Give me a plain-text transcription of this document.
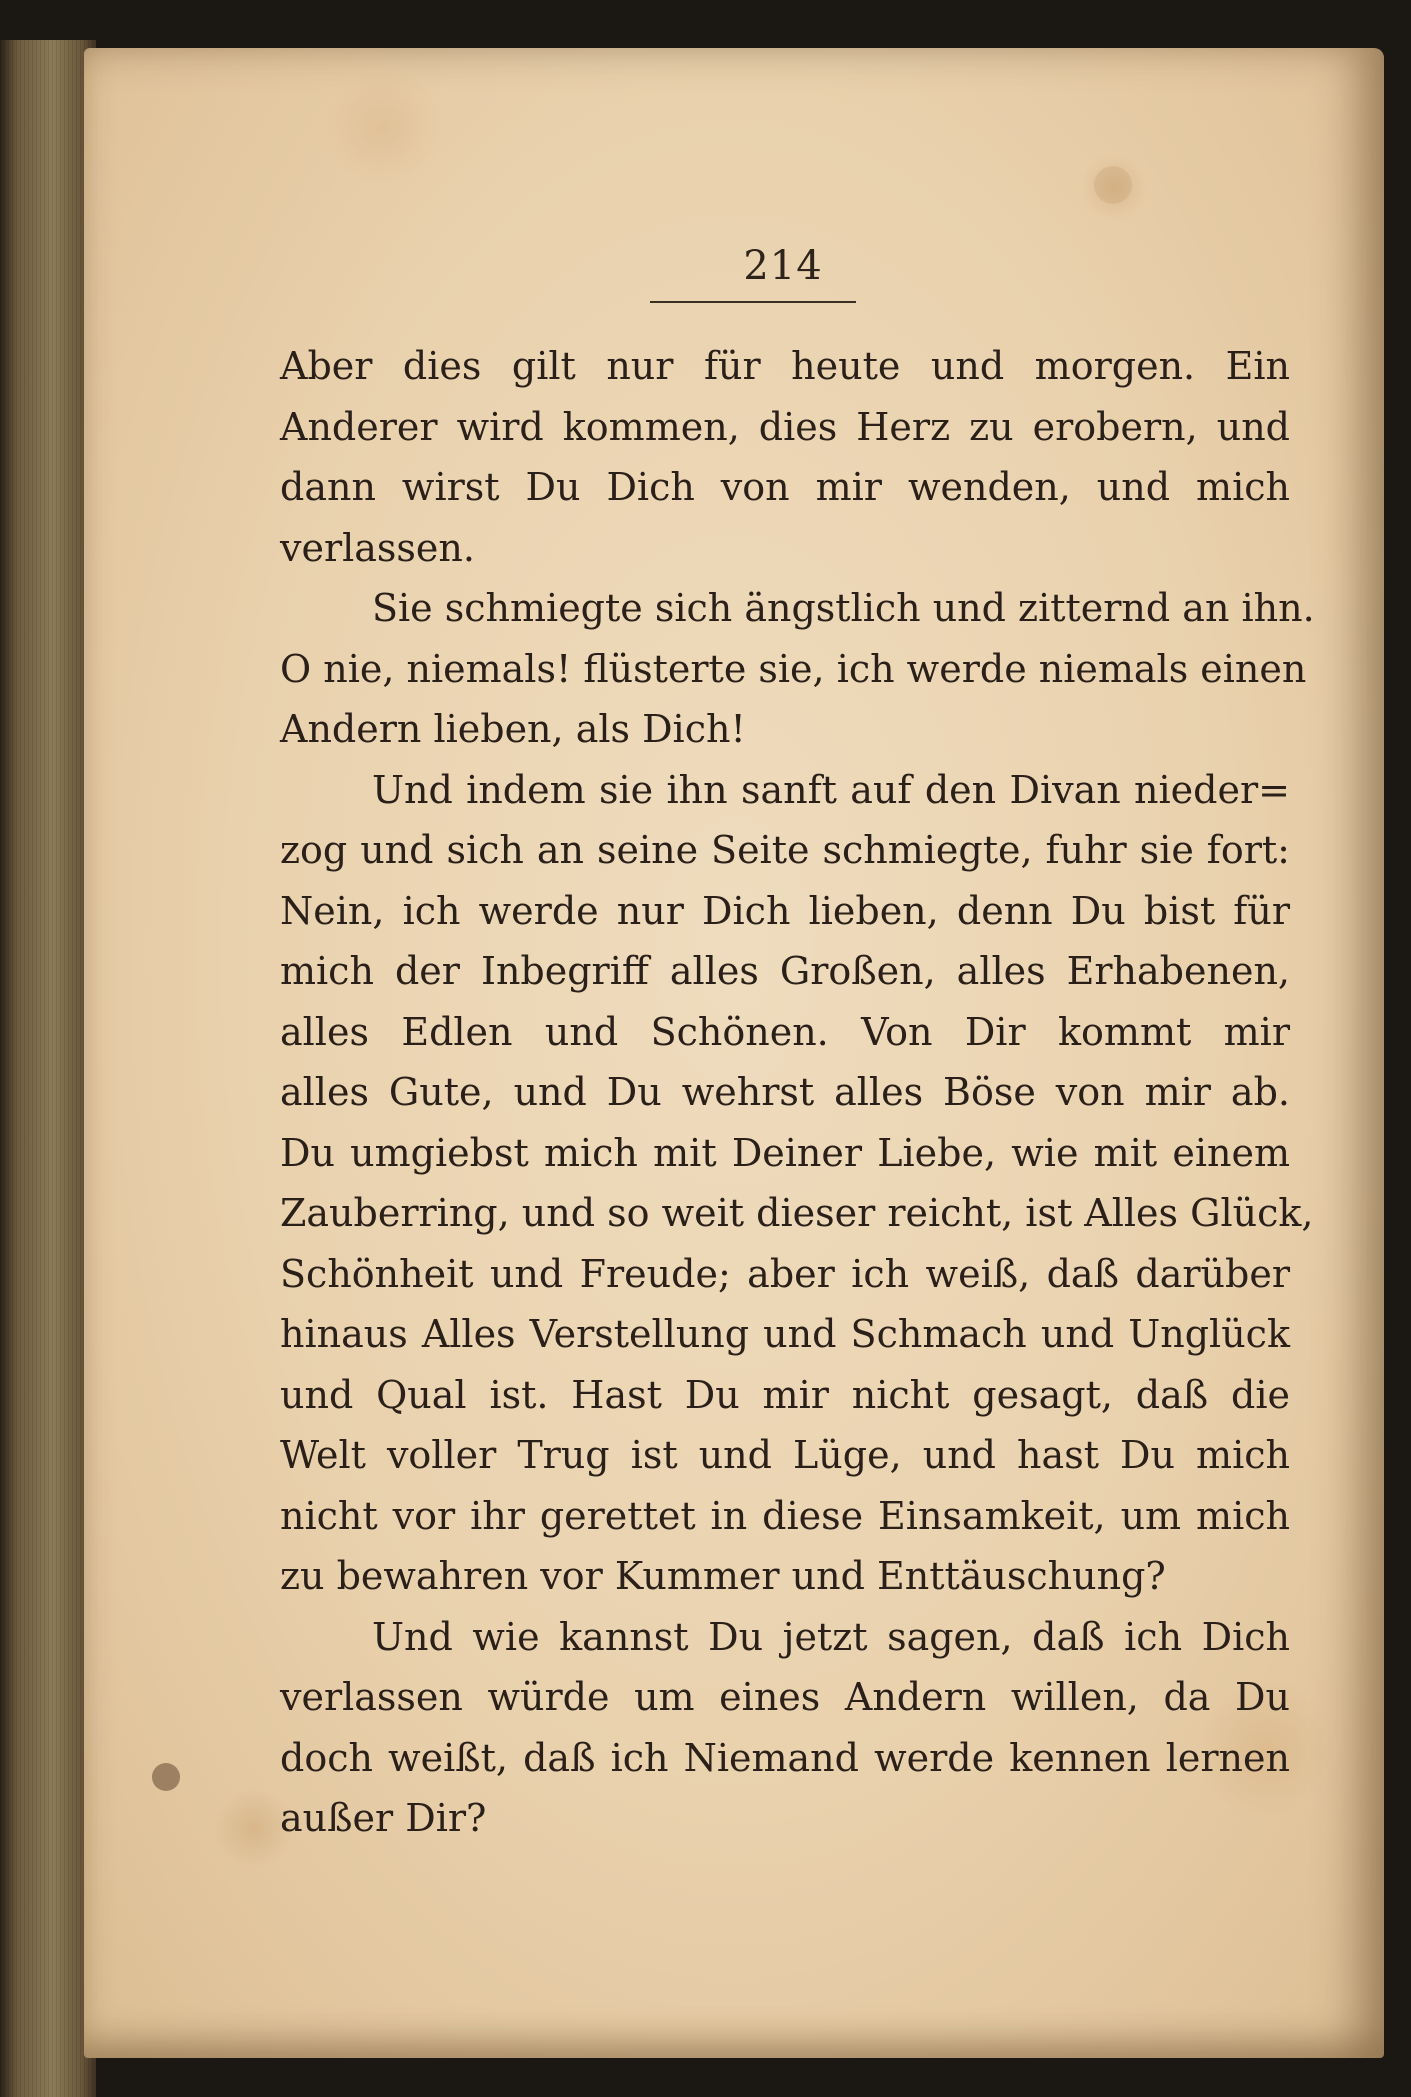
214

Aber dies gilt nur für heute und morgen. Ein
Anderer wird kommen, dies Herz zu erobern, und
dann wirst Du Dich von mir wenden, und mich
verlassen.

Sie schmiegte sich ängstlich und zitternd an ihn.
O nie, niemals! flüsterte sie, ich werde niemals einen
Andern lieben, als Dich!

Und indem sie ihn sanft auf den Divan nieder=
zog und sich an seine Seite schmiegte, fuhr sie fort:
Nein, ich werde nur Dich lieben, denn Du bist für
mich der Inbegriff alles Großen, alles Erhabenen,
alles Edlen und Schönen. Von Dir kommt mir
alles Gute, und Du wehrst alles Böse von mir ab.
Du umgiebst mich mit Deiner Liebe, wie mit einem
Zauberring, und so weit dieser reicht, ist Alles Glück,
Schönheit und Freude; aber ich weiß, daß darüber
hinaus Alles Verstellung und Schmach und Unglück
und Qual ist. Hast Du mir nicht gesagt, daß die
Welt voller Trug ist und Lüge, und hast Du mich
nicht vor ihr gerettet in diese Einsamkeit, um mich
zu bewahren vor Kummer und Enttäuschung?

Und wie kannst Du jetzt sagen, daß ich Dich
verlassen würde um eines Andern willen, da Du
doch weißt, daß ich Niemand werde kennen lernen
außer Dir?
